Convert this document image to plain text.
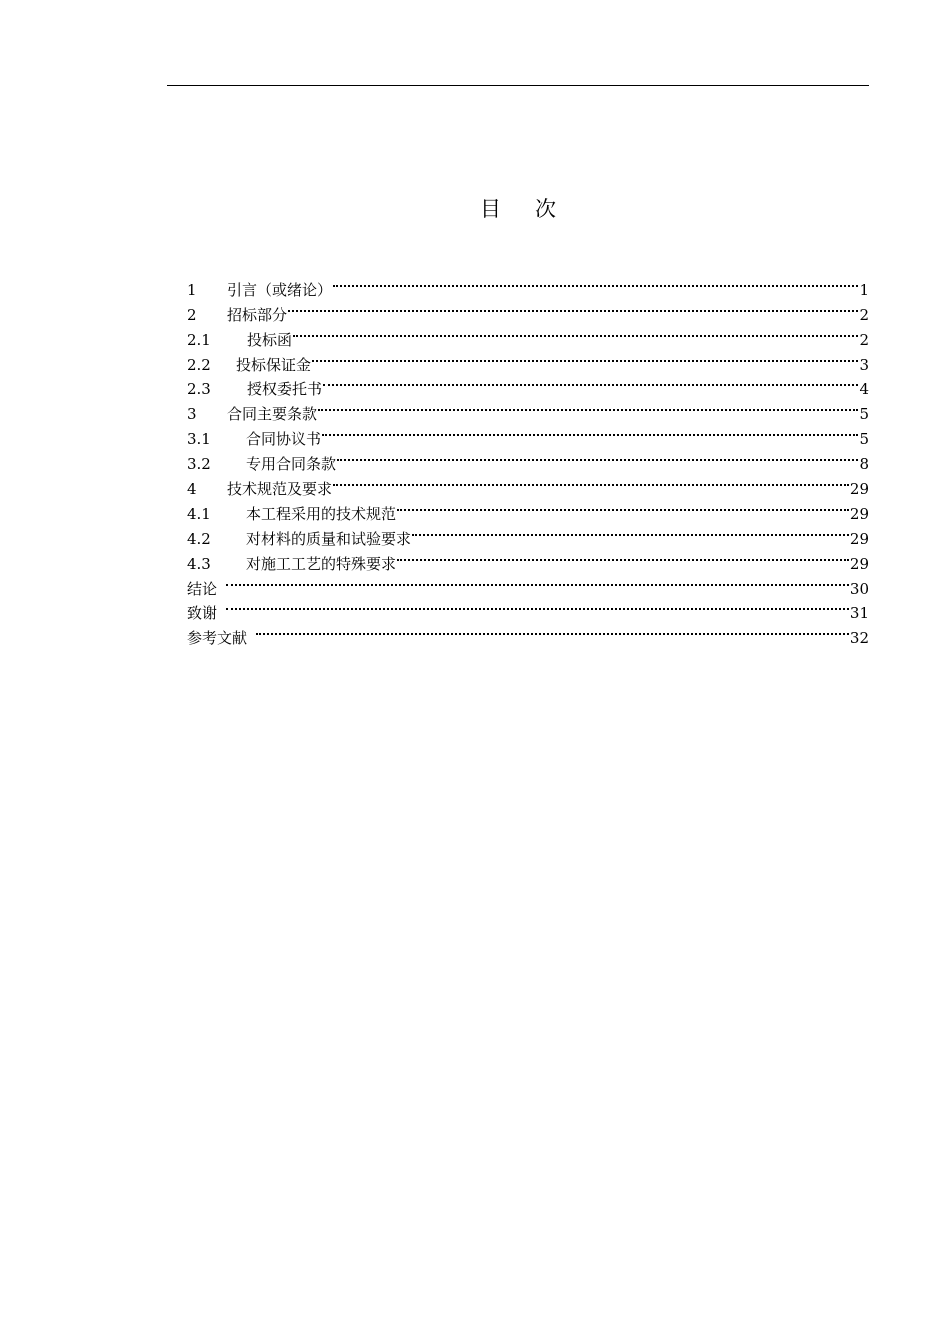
目 次
1	引言（或绪论）	1
2	招标部分	2
2.1	投标函	2
2.2	投标保证金	3
2.3	授权委托书	4
3	合同主要条款	5
3.1	合同协议书	5
3.2	专用合同条款	8
4	技术规范及要求	29
4.1	本工程采用的技术规范	29
4.2	对材料的质量和试验要求	29
4.3	对施工工艺的特殊要求	29
结论	30
致谢	31
参考文献	32
